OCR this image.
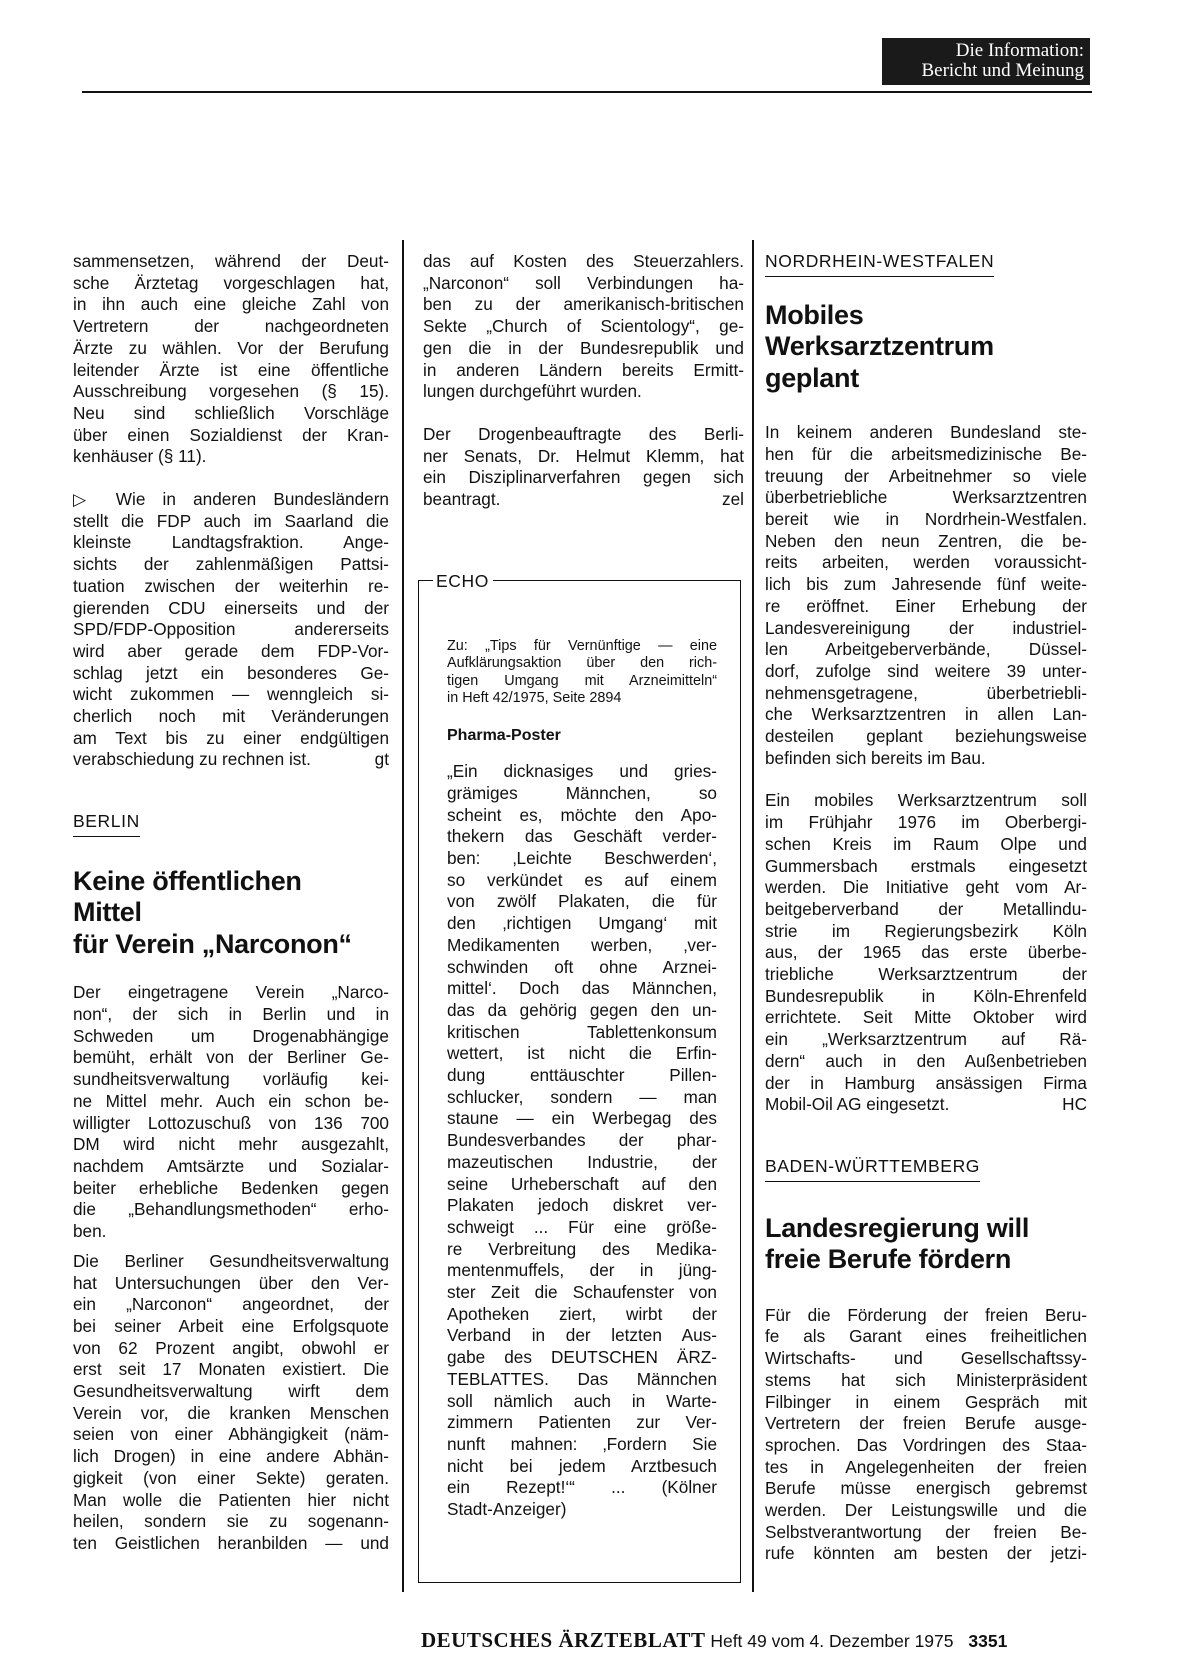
Die Information:
Bericht und Meinung

sammensetzen, während der Deut-

sche Ärztetag vorgeschlagen hat,

in ihn auch eine gleiche Zahl von

Vertretern der nachgeordneten

Ärzte zu wählen. Vor der Berufung

leitender Ärzte ist eine öffentliche

Ausschreibung vorgesehen (§ 15).

Neu sind schließlich Vorschläge

über einen Sozialdienst der Kran-

kenhäuser (§ 11).

▷ Wie in anderen Bundesländern

stellt die FDP auch im Saarland die

kleinste Landtagsfraktion. Ange-

sichts der zahlenmäßigen Pattsi-

tuation zwischen der weiterhin re-

gierenden CDU einerseits und der

SPD/FDP-Opposition andererseits

wird aber gerade dem FDP-Vor-

schlag jetzt ein besonderes Ge-

wicht zukommen — wenngleich si-

cherlich noch mit Veränderungen

am Text bis zu einer endgültigen

verabschiedung zu rechnen ist.	gt

BERLIN

Keine öffentlichen

Mittel

für Verein „Narconon“

Der eingetragene Verein „Narco-

non“, der sich in Berlin und in

Schweden um Drogenabhängige

bemüht, erhält von der Berliner Ge-

sundheitsverwaltung vorläufig kei-

ne Mittel mehr. Auch ein schon be-

willigter Lottozuschuß von 136 700

DM wird nicht mehr ausgezahlt,

nachdem Amtsärzte und Sozialar-

beiter erhebliche Bedenken gegen

die „Behandlungsmethoden“ erho-

ben.

Die Berliner Gesundheitsverwaltung

hat Untersuchungen über den Ver-

ein „Narconon“ angeordnet, der

bei seiner Arbeit eine Erfolgsquote

von 62 Prozent angibt, obwohl er

erst seit 17 Monaten existiert. Die

Gesundheitsverwaltung wirft dem

Verein vor, die kranken Menschen

seien von einer Abhängigkeit (näm-

lich Drogen) in eine andere Abhän-

gigkeit (von einer Sekte) geraten.

Man wolle die Patienten hier nicht

heilen, sondern sie zu sogenann-

ten Geistlichen heranbilden — und

das auf Kosten des Steuerzahlers.

„Narconon“ soll Verbindungen ha-

ben zu der amerikanisch-britischen

Sekte „Church of Scientology“, ge-

gen die in der Bundesrepublik und

in anderen Ländern bereits Ermitt-

lungen durchgeführt wurden.

Der Drogenbeauftragte des Berli-

ner Senats, Dr. Helmut Klemm, hat

ein Disziplinarverfahren gegen sich

beantragt.	zel

ECHO

Zu: „Tips für Vernünftige — eine

Aufklärungsaktion über den rich-

tigen Umgang mit Arzneimitteln“

in Heft 42/1975, Seite 2894

Pharma-Poster

„Ein dicknasiges und gries-

grämiges Männchen, so

scheint es, möchte den Apo-

thekern das Geschäft verder-

ben: ‚Leichte Beschwerden‘,

so verkündet es auf einem

von zwölf Plakaten, die für

den ‚richtigen Umgang‘ mit

Medikamenten werben, ‚ver-

schwinden oft ohne Arznei-

mittel‘. Doch das Männchen,

das da gehörig gegen den un-

kritischen Tablettenkonsum

wettert, ist nicht die Erfin-

dung enttäuschter Pillen-

schlucker, sondern — man

staune — ein Werbegag des

Bundesverbandes der phar-

mazeutischen Industrie, der

seine Urheberschaft auf den

Plakaten jedoch diskret ver-

schweigt ... Für eine größe-

re Verbreitung des Medika-

mentenmuffels, der in jüng-

ster Zeit die Schaufenster von

Apotheken ziert, wirbt der

Verband in der letzten Aus-

gabe des DEUTSCHEN ÄRZ-

TEBLATTES. Das Männchen

soll nämlich auch in Warte-

zimmern Patienten zur Ver-

nunft mahnen: ‚Fordern Sie

nicht bei jedem Arztbesuch

ein Rezept!‘“ ... (Kölner

Stadt-Anzeiger)

NORDRHEIN-WESTFALEN

Mobiles

Werksarztzentrum

geplant

In keinem anderen Bundesland ste-

hen für die arbeitsmedizinische Be-

treuung der Arbeitnehmer so viele

überbetriebliche Werksarztzentren

bereit wie in Nordrhein-Westfalen.

Neben den neun Zentren, die be-

reits arbeiten, werden voraussicht-

lich bis zum Jahresende fünf weite-

re eröffnet. Einer Erhebung der

Landesvereinigung der industriel-

len Arbeitgeberverbände, Düssel-

dorf, zufolge sind weitere 39 unter-

nehmensgetragene, überbetriebli-

che Werksarztzentren in allen Lan-

desteilen geplant beziehungsweise

befinden sich bereits im Bau.

Ein mobiles Werksarztzentrum soll

im Frühjahr 1976 im Oberbergi-

schen Kreis im Raum Olpe und

Gummersbach erstmals eingesetzt

werden. Die Initiative geht vom Ar-

beitgeberverband der Metallindu-

strie im Regierungsbezirk Köln

aus, der 1965 das erste überbe-

triebliche Werksarztzentrum der

Bundesrepublik in Köln-Ehrenfeld

errichtete. Seit Mitte Oktober wird

ein „Werksarztzentrum auf Rä-

dern“ auch in den Außenbetrieben

der in Hamburg ansässigen Firma

Mobil-Oil AG eingesetzt.	HC

BADEN-WÜRTTEMBERG

Landesregierung will

freie Berufe fördern

Für die Förderung der freien Beru-

fe als Garant eines freiheitlichen

Wirtschafts- und Gesellschaftssy-

stems hat sich Ministerpräsident

Filbinger in einem Gespräch mit

Vertretern der freien Berufe ausge-

sprochen. Das Vordringen des Staa-

tes in Angelegenheiten der freien

Berufe müsse energisch gebremst

werden. Der Leistungswille und die

Selbstverantwortung der freien Be-

rufe könnten am besten der jetzi-

DEUTSCHES ÄRZTEBLATT Heft 49 vom 4. Dezember 1975 3351
